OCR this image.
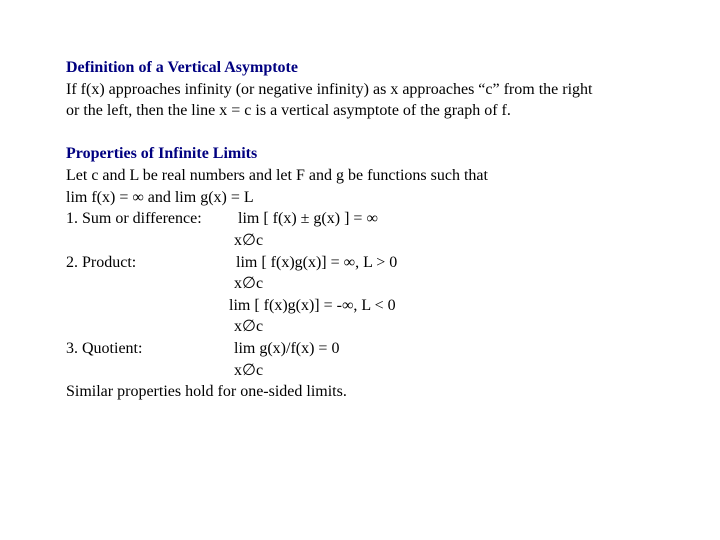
Definition of a Vertical Asymptote
If f(x) approaches infinity (or negative infinity) as x approaches “c” from the right
or the left, then the line x = c is a vertical asymptote of the graph of f.
Properties of Infinite Limits
Let c and L be real numbers and let F and g be functions such that
lim f(x) = ∞ and lim g(x) = L
1. Sum or difference: lim [ f(x) ± g(x) ] = ∞
x∅c
2. Product:	lim [ f(x)g(x)] = ∞, L > 0
x∅c
lim [ f(x)g(x)] = -∞, L < 0
x∅c
3. Quotient:	lim g(x)/f(x) = 0
x∅c
Similar properties hold for one-sided limits.
